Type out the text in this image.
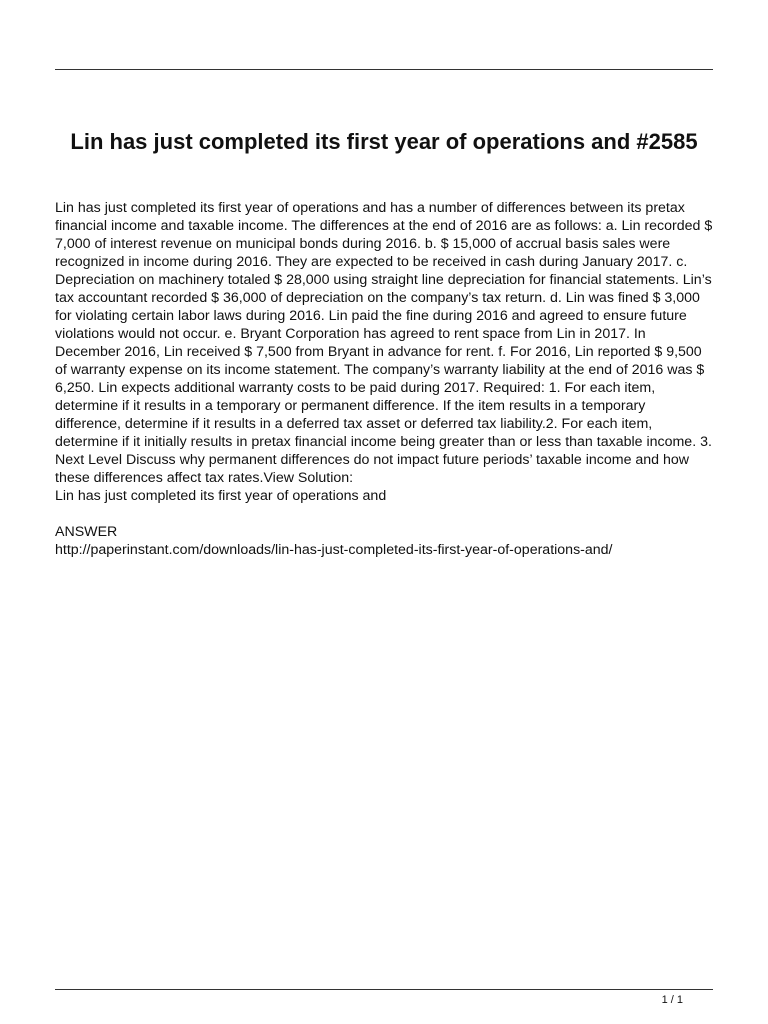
Lin has just completed its first year of operations and #2585

Lin has just completed its first year of operations and has a number of differences between its pretax financial income and taxable income. The differences at the end of 2016 are as follows: a. Lin recorded $ 7,000 of interest revenue on municipal bonds during 2016. b. $ 15,000 of accrual basis sales were recognized in income during 2016. They are expected to be received in cash during January 2017. c. Depreciation on machinery totaled $ 28,000 using straight line depreciation for financial statements. Lin’s tax accountant recorded $ 36,000 of depreciation on the company’s tax return. d. Lin was fined $ 3,000 for violating certain labor laws during 2016. Lin paid the fine during 2016 and agreed to ensure future violations would not occur. e. Bryant Corporation has agreed to rent space from Lin in 2017. In December 2016, Lin received $ 7,500 from Bryant in advance for rent. f. For 2016, Lin reported $ 9,500 of warranty expense on its income statement. The company’s warranty liability at the end of 2016 was $ 6,250. Lin expects additional warranty costs to be paid during 2017. Required: 1. For each item, determine if it results in a temporary or permanent difference. If the item results in a temporary difference, determine if it results in a deferred tax asset or deferred tax liability.2. For each item, determine if it initially results in pretax financial income being greater than or less than taxable income. 3. Next Level Discuss why permanent differences do not impact future periods’ taxable income and how these differences affect tax rates.View Solution:

Lin has just completed its first year of operations and

ANSWER

http://paperinstant.com/downloads/lin-has-just-completed-its-first-year-of-operations-and/

1 / 1
